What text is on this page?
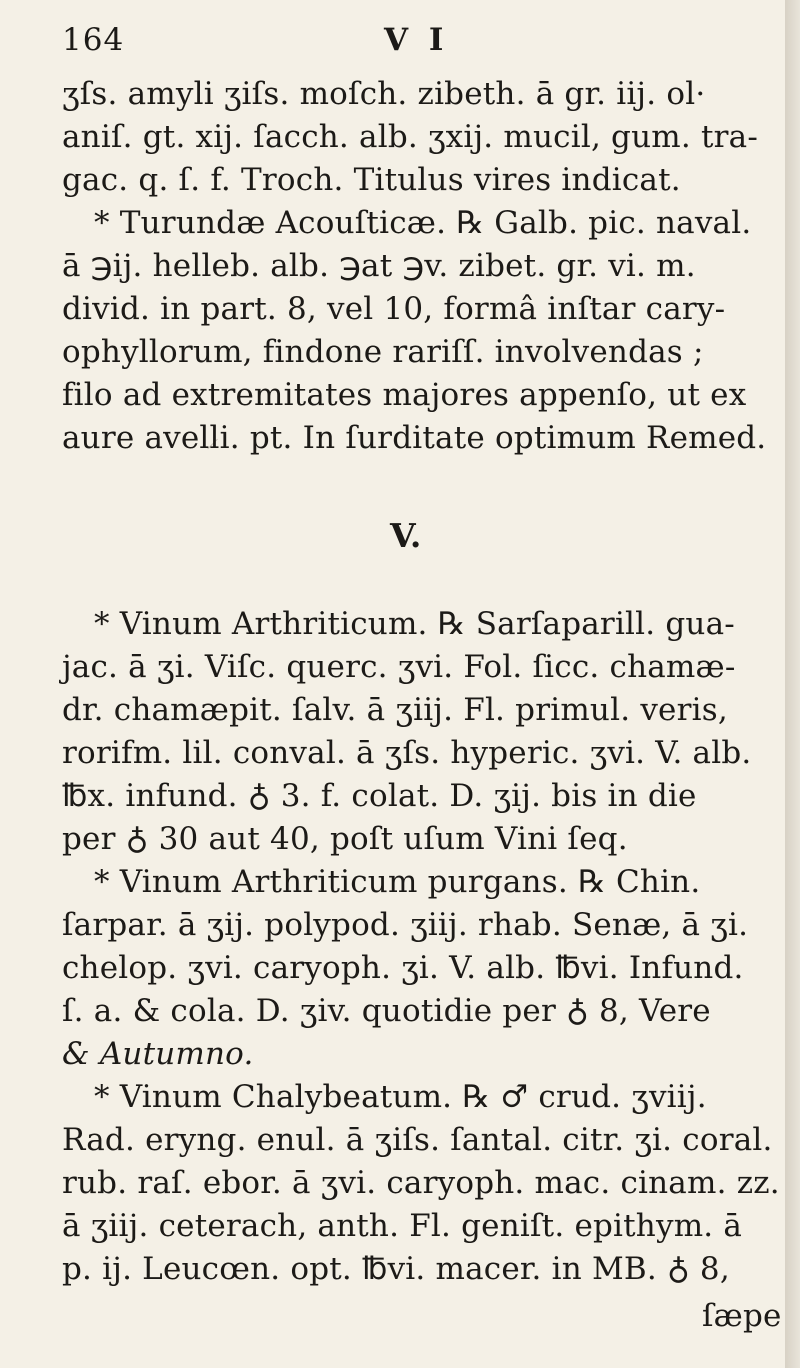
164	V I
ʒſs. amyli ʒiſs. moſch. zibeth. ā gr. iij. ol·
aniſ. gt. xij. ſacch. alb. ʒxij. mucil, gum. tra-
gac. q. ſ. f. Troch. Titulus vires indicat.
* Turundæ Acouſticæ. ℞ Galb. pic. naval.
ā ℈ij. helleb. alb. ℈at ℈v. zibet. gr. vi. m.
divid. in part. 8, vel 10, formâ inſtar cary-
ophyllorum, findone rariſſ. involvendas ;
filo ad extremitates majores appenſo, ut ex
aure avelli. pt. In ſurditate optimum Remed.
V.
* Vinum Arthriticum. ℞ Sarſaparill. gua-
jac. ā ʒi. Viſc. querc. ʒvi. Fol. ſicc. chamæ-
dr. chamæpit. ſalv. ā ʒiij. Fl. primul. veris,
rorifm. lil. conval. ā ʒſs. hyperic. ʒvi. V. alb.
℔x. infund. ♁ 3. f. colat. D. ʒij. bis in die
per ♁ 30 aut 40, poſt uſum Vini ſeq.
* Vinum Arthriticum purgans. ℞ Chin.
ſarpar. ā ʒij. polypod. ʒiij. rhab. Senæ, ā ʒi.
chelop. ʒvi. caryoph. ʒi. V. alb. ℔vi. Infund.
ſ. a. & cola. D. ʒiv. quotidie per ♁ 8, Vere
& Autumno.
* Vinum Chalybeatum. ℞ ♂ crud. ʒviij.
Rad. eryng. enul. ā ʒiſs. ſantal. citr. ʒi. coral.
rub. raſ. ebor. ā ʒvi. caryoph. mac. cinam. zz.
ā ʒiij. ceterach, anth. Fl. geniſt. epithym. ā
p. ij. Leucœn. opt. ℔vi. macer. in MB. ♁ 8,
ſæpe
